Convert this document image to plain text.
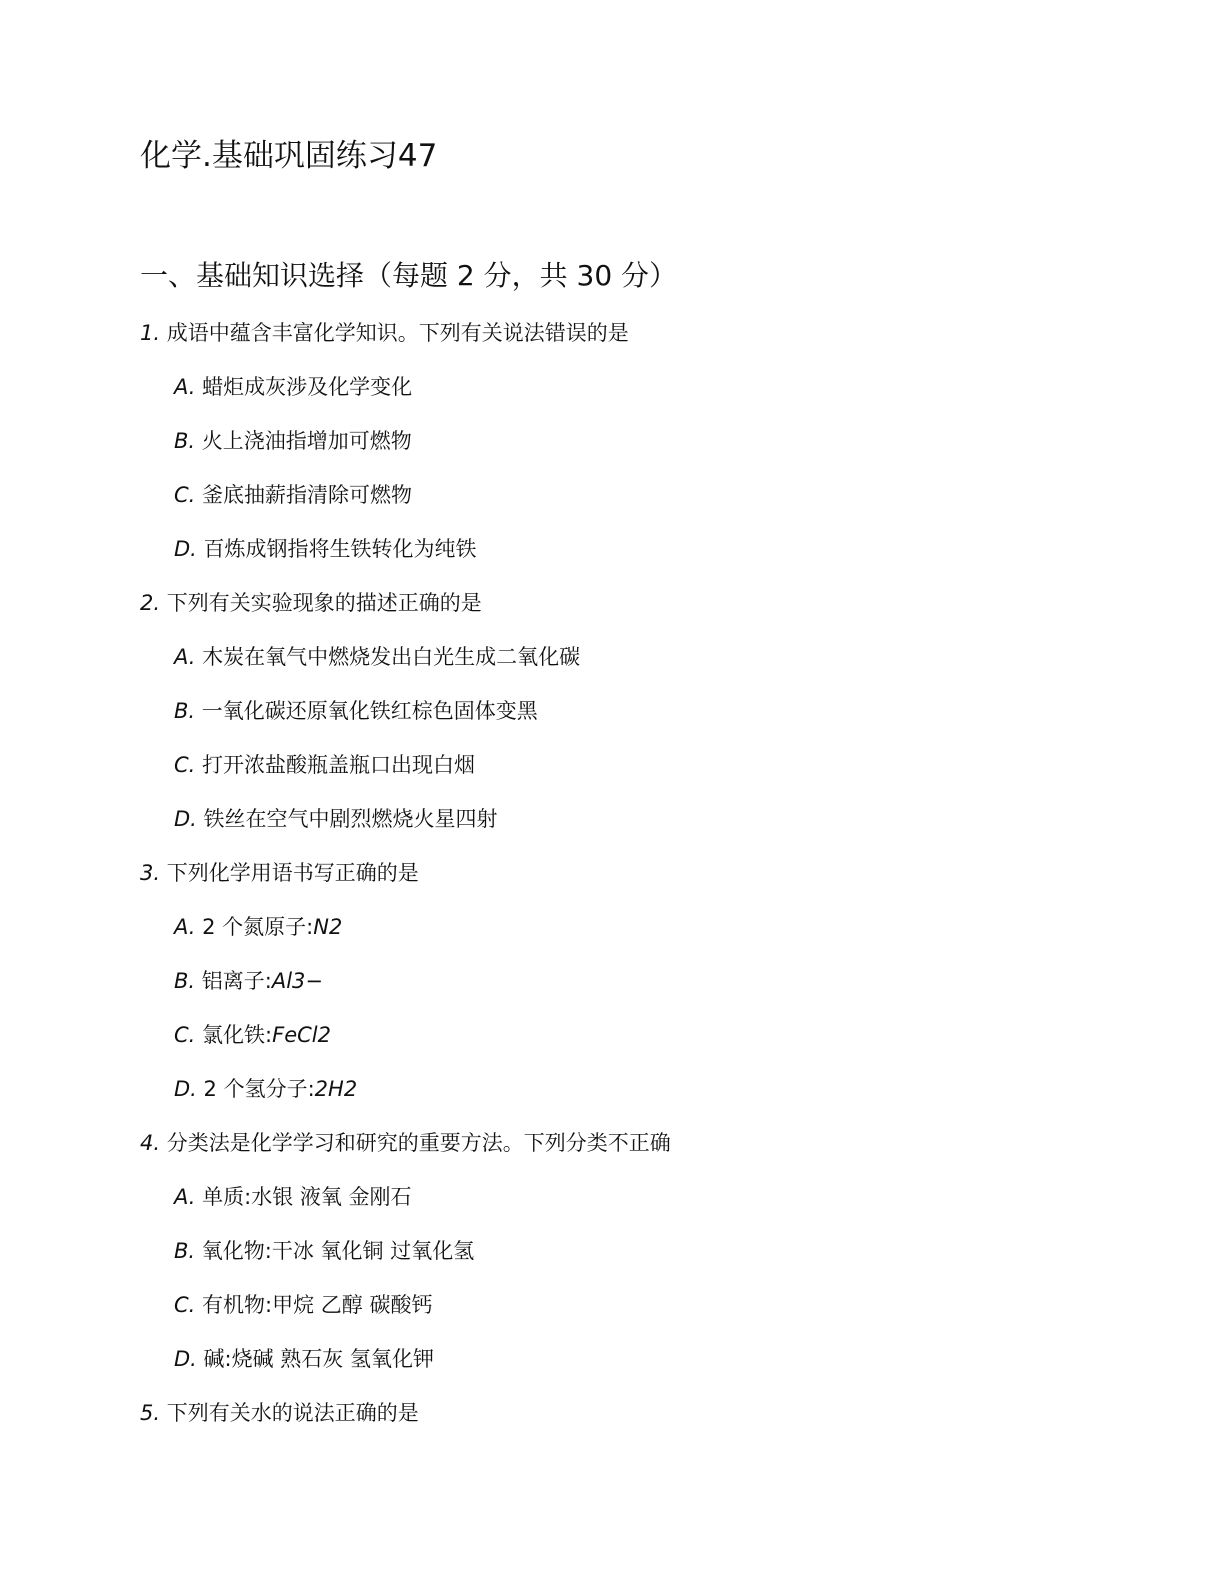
化学.基础巩固练习47
一、基础知识选择（每题 2 分，共 30 分）
1. 成语中蕴含丰富化学知识。下列有关说法错误的是
A. 蜡炬成灰涉及化学变化
B. 火上浇油指增加可燃物
C. 釜底抽薪指清除可燃物
D. 百炼成钢指将生铁转化为纯铁
2. 下列有关实验现象的描述正确的是
A. 木炭在氧气中燃烧发出白光生成二氧化碳
B. 一氧化碳还原氧化铁红棕色固体变黑
C. 打开浓盐酸瓶盖瓶口出现白烟
D. 铁丝在空气中剧烈燃烧火星四射
3. 下列化学用语书写正确的是
A. 2 个氮原子:N2
B. 铝离子:Al3−
C. 氯化铁:FeCl2
D. 2 个氢分子:2H2
4. 分类法是化学学习和研究的重要方法。下列分类不正确
A. 单质:水银 液氧 金刚石
B. 氧化物:干冰 氧化铜 过氧化氢
C. 有机物:甲烷 乙醇 碳酸钙
D. 碱:烧碱 熟石灰 氢氧化钾
5. 下列有关水的说法正确的是
